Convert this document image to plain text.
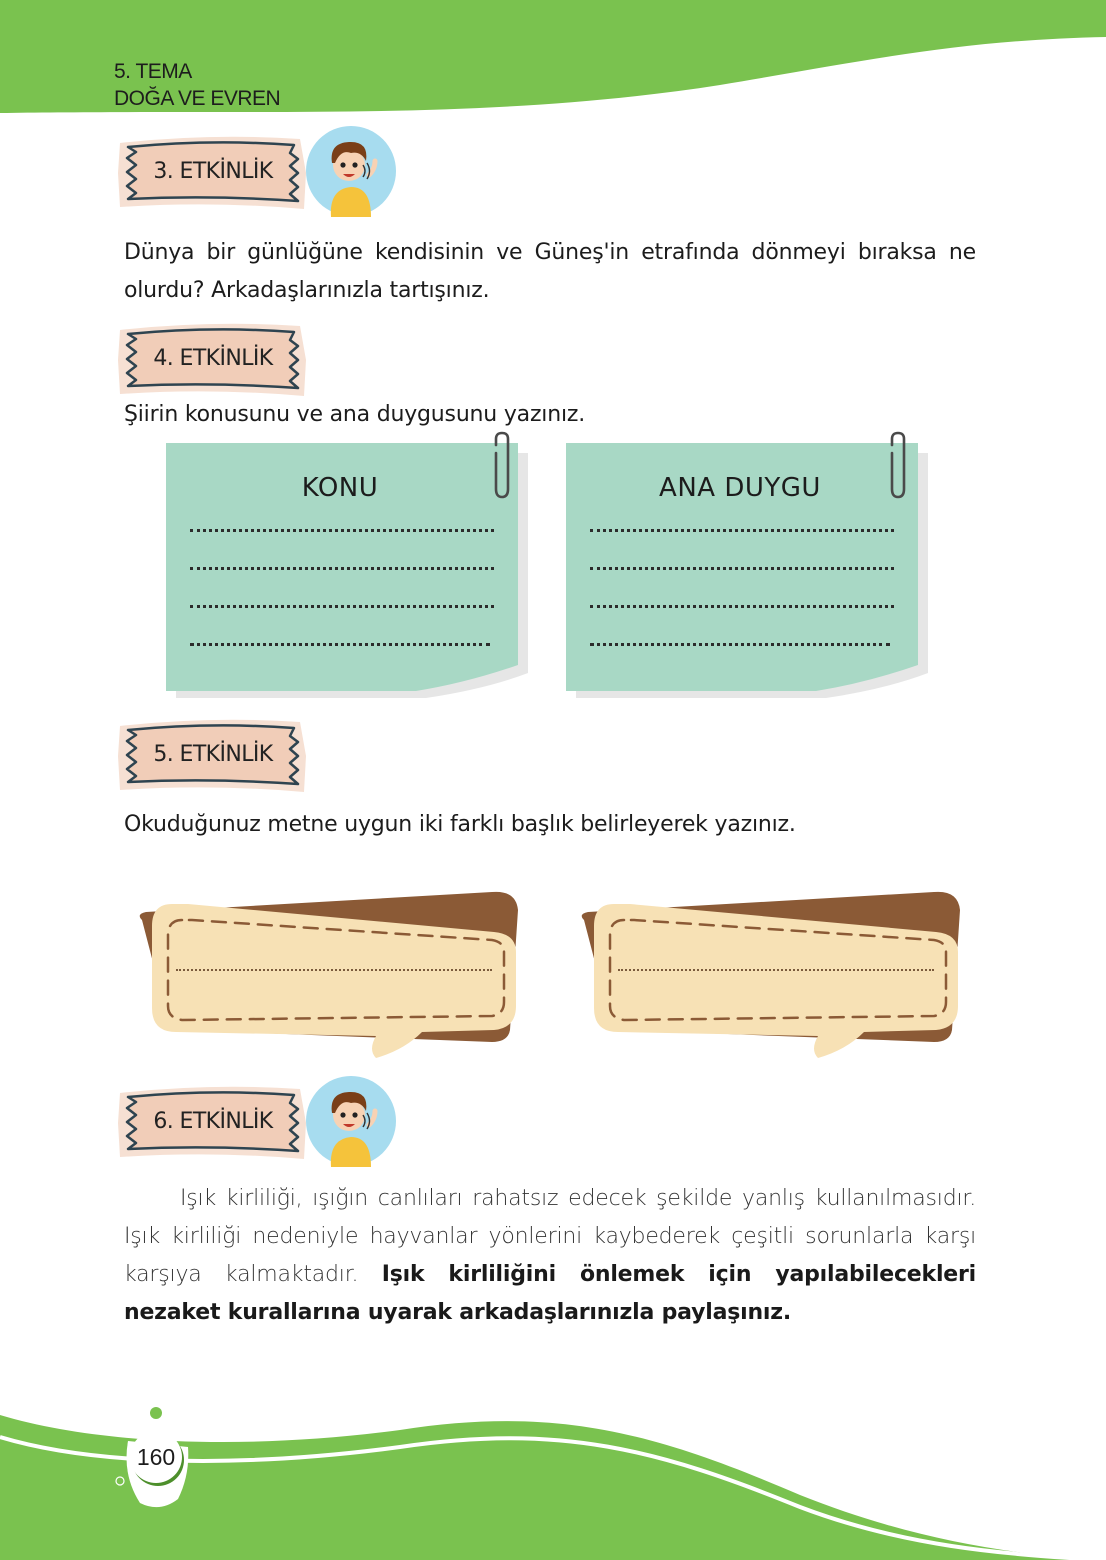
5. TEMA
DOĞA VE EVREN
3. ETKİNLİK
Dünya bir günlüğüne kendisinin ve Güneş'in etrafında dönmeyi bıraksa ne olurdu? Arkadaşlarınızla tartışınız.
4. ETKİNLİK
Şiirin konusunu ve ana duygusunu yazınız.
KONU	ANA DUYGU
5. ETKİNLİK
Okuduğunuz metne uygun iki farklı başlık belirleyerek yazınız.
6. ETKİNLİK
Işık kirliliği, ışığın canlıları rahatsız edecek şekilde yanlış kullanılmasıdır. Işık kirliliği nedeniyle hayvanlar yönlerini kaybederek çeşitli sorunlarla karşı karşıya kalmaktadır. Işık kirliliğini önlemek için yapılabilecekleri nezaket kurallarına uyarak arkadaşlarınızla paylaşınız.
160
